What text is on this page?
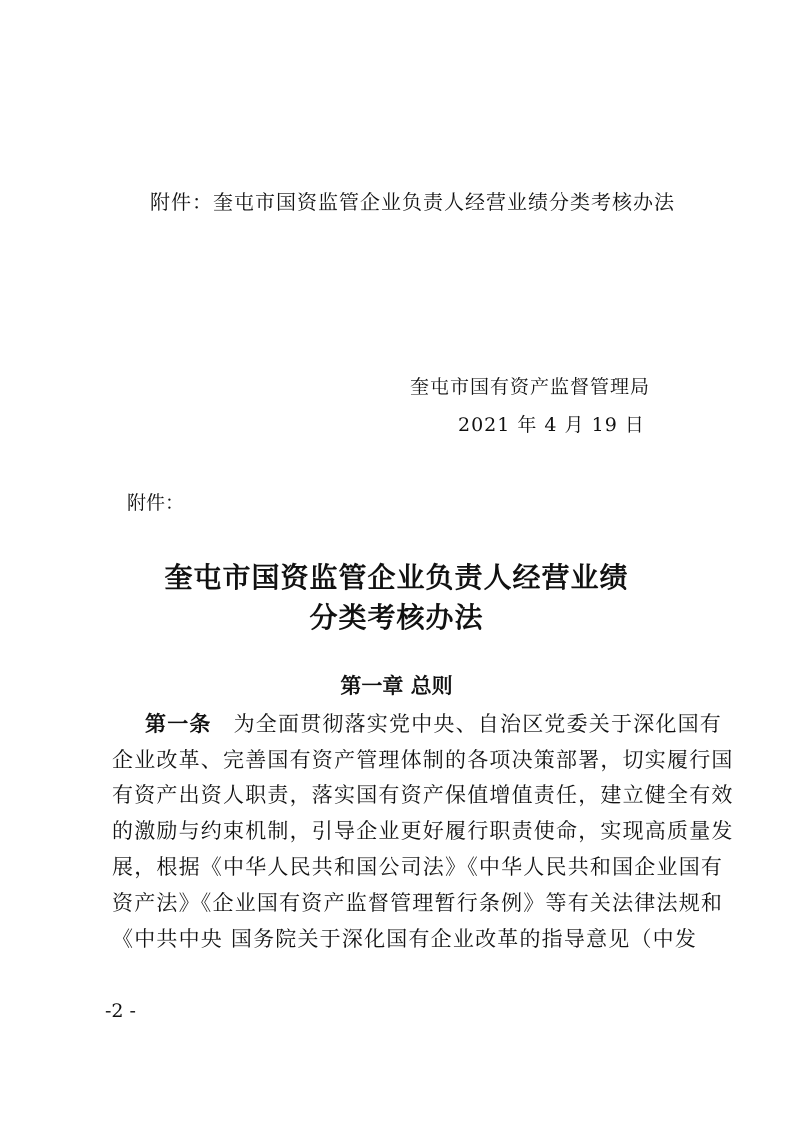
附件：奎屯市国资监管企业负责人经营业绩分类考核办法
奎屯市国有资产监督管理局
2021 年 4 月 19 日
附件：
奎屯市国资监管企业负责人经营业绩
分类考核办法
第一章 总则
第一条 为全面贯彻落实党中央、自治区党委关于深化国有
企业改革、完善国有资产管理体制的各项决策部署，切实履行国
有资产出资人职责，落实国有资产保值增值责任，建立健全有效
的激励与约束机制，引导企业更好履行职责使命，实现高质量发
展，根据《中华人民共和国公司法》《中华人民共和国企业国有
资产法》《企业国有资产监督管理暂行条例》等有关法律法规和
《中共中央 国务院关于深化国有企业改革的指导意见（中发
-2 -
